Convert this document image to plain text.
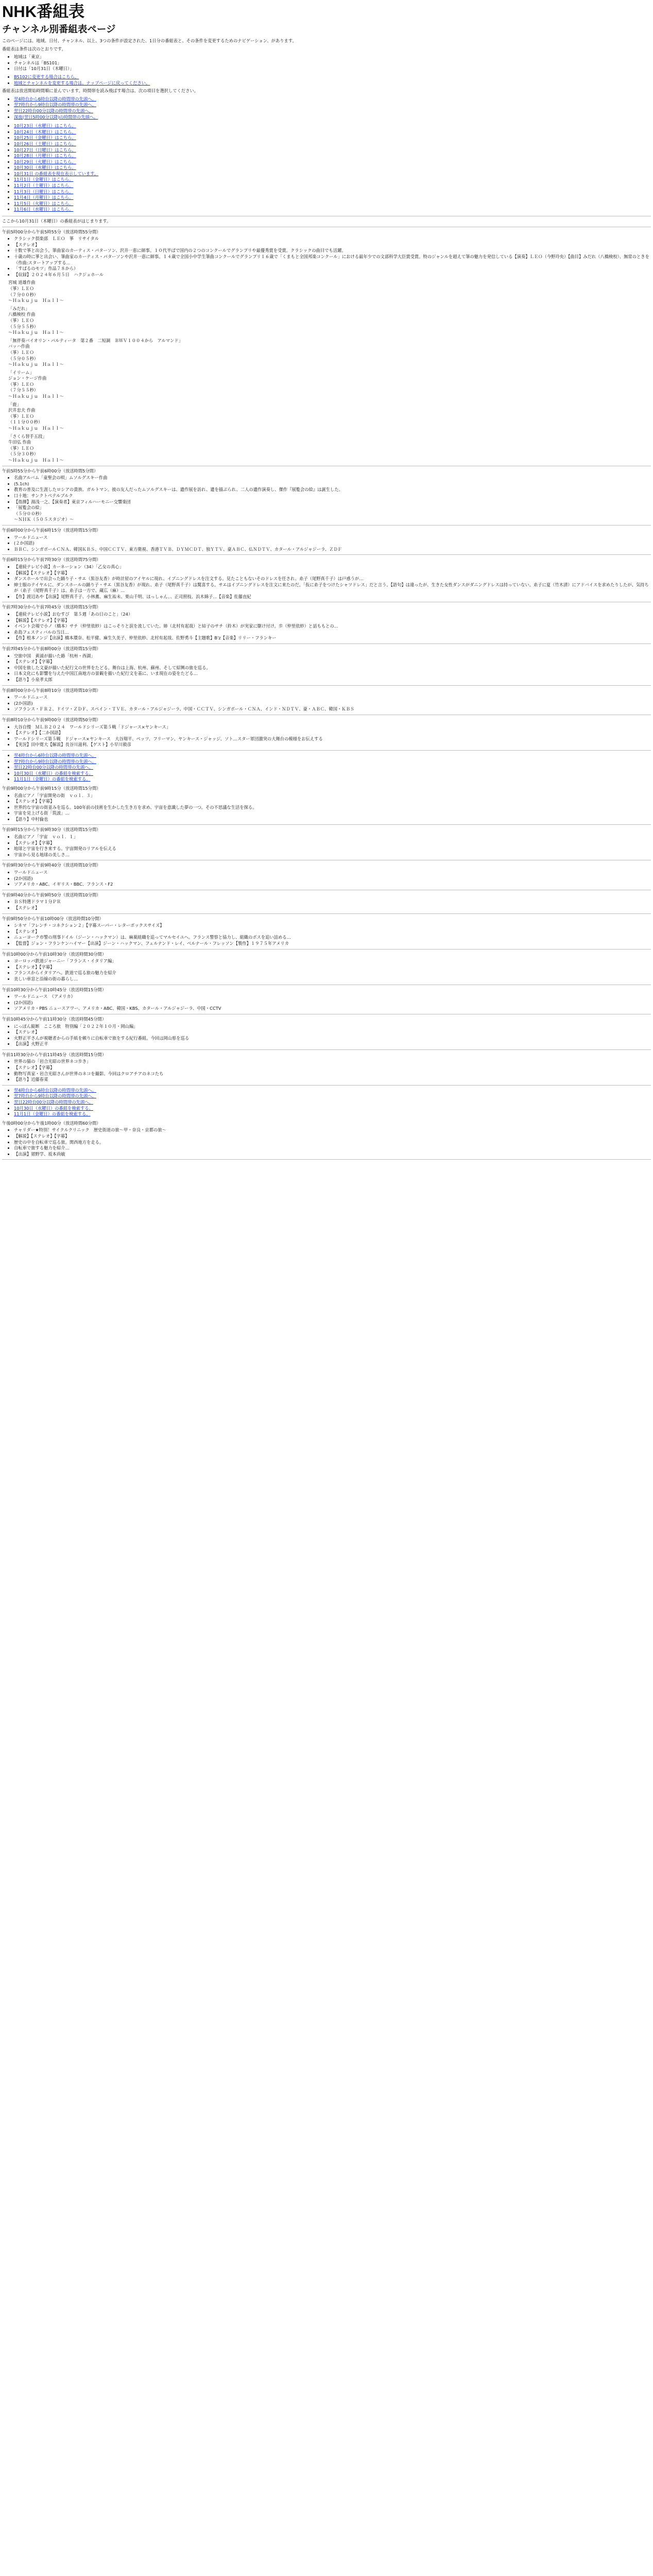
NHK番組表
チャンネル別番組表ページ

このページには、地域、日付、チャンネル、以上、3つの条件が設定された、1日分の番組表と、その条件を変更するためのナビゲーション、があります。

番組表は条件は次のとおりです。

• 地域は「東京」
• チャンネルは「BS101」
• 日付は「10月31日（木曜日）」
• BS102に変更する場合はこちら。
• 地域とチャンネルを変更する場合は、ナッブページに戻ってください。

番組表は放送開始時間順に並んでいます。時間帯を読み飛ばす場合は、次の項目を選択してください。

• 翌4時台から6時台以降の時間帯の先頭へ。
• 翌7時台から9時台以降の時間帯の先頭へ。
• 翌日22時台00分以降の時間帯の先頭へ。
• 深夜(翌日5時00分以降)の時間帯の先頭へ。
• 10月23日（水曜日）はこちら。
• 10月24日（木曜日）はこちら。
• 10月25日（金曜日）はこちら。
• 10月26日（土曜日）はこちら。
• 10月27日（日曜日）はこちら。
• 10月28日（月曜日）はこちら。
• 10月29日（火曜日）はこちら。
• 10月30日（水曜日）はこちら。
• 10月31日 の番組表を現在表示しています。
• 11月1日（金曜日）はこちら。
• 11月2日（土曜日）はこちら。
• 11月3日（日曜日）はこちら。
• 11月4日（月曜日）はこちら。
• 11月5日（火曜日）はこちら。
• 11月6日（水曜日）はこちら。

ここから10月31日（木曜日）の番組表がはじまります。

午前5時00分から午前5時55分（放送時間55分間）
• クラシック倶楽部　ＬＥＯ　箏　リサイタル
• 【ステレオ】
• 十数で箏と出会う。筆曲家のカーティス・パターソン、沢井一恵に師事。１０代半ばで国内の２つのコンクールでグランプリや最優秀賞を受賞。クラシックの曲目でも活躍。
• 十歳の時に箏と出会い、筆曲家のカーティス・パターソンや沢井一恵に師事。１４歳で全国小中学生筆曲コンクールでグランプリ１６歳で「くまもと全国邦楽コンクール」における最年少での文部科学大臣賞受賞。特のジャンルを超えて筆の魅力を発信している【演奏】ＬＥＯ（今野玲央）【曲目】みだれ（八橋検校）、無常のときを（作曲:スタートアップする...
• 「すばるのモツ」作品７８から）
• 【収録】２０２４年６月５日　ハクジュホール
宮城 道雄作曲
（箏）ＬＥＯ
（７分００秒）
〜Ｈａｋｕｊｕ　Ｈａｌｌ〜
「みだれ」
八橋検校 作曲
（箏）ＬＥＯ
（５分５５秒）
〜Ｈａｋｕｊｕ　Ｈａｌｌ〜
「無伴奏バイオリン・パルティータ　第２番　二短調　ＢＷＶ１００４から　アルマンド」
バッハ作曲
（箏）ＬＥＯ
（５分０５秒）
〜Ｈａｋｕｊｕ　Ｈａｌｌ〜
「イリーム」
ジョン・ケージ作曲
（箏）ＬＥＯ
（７分５５秒）
〜Ｈａｋｕｊｕ　Ｈａｌｌ〜
「鹿」
沢井忠夫 作曲
（箏）ＬＥＯ
（１１分００秒）
〜Ｈａｋｕｊｕ　Ｈａｌｌ〜
「さくら替手五段」
牛田弘 作曲
（箏）ＬＥＯ
（５分３０秒）
〜Ｈａｋｕｊｕ　Ｈａｌｌ〜
午前5時55分から午前6時00分（放送時間5分間）
• 名曲アルバム「童聖会の唄」ムソルグスキー作曲
• (5.1ch)
• 教育の普及に生涯したロシアの貴族、ガルトマン。彼の友人だったムソルグスキーは、遺作展を訪れ、遺を描ぶられ、二人の遺作演奏し、傑作『展覧会の絵』は誕生した。
• 口十地：サンクトペテルブルク
• 【指揮】湯浅一之、【演奏者】東京フィルハーモニー交響楽団
• 「展覧会の絵」
（５分００秒）
〜ＮＨＫ（５０５スタジオ）〜
午前6時00分から午前6時15分（放送時間15分間）
• ワールドニュース
• (２か国語)
• ＢＢＣ、シンガポールＣＮＡ、韓国ＫＢＳ、中国ＣＣＴＶ、東方衛視、香港ＴＶＢ、ＤＹＭＣＤＴ、独ＹＴＶ、豪ＡＢＣ、仏ＮＤＴＶ、カタール・アルジャジーラ、ＺＤＦ
午前6時15分から午前7時30分（放送時間75分間）
• 【連続テレビ小説】カーネーション（34）「乙女の真心」
• 【解説】【ステレオ】【字幕】
• ダンスホールで出会った踊り子・サエ（黒谷友香）が時計屋のアイヤルに現れ、イブニングドレスを注文する。見たこともないそのドレスを任され、糸子（尾野真千子）は戸惑うが…
• 紳士服のテイヤルに、ダンスホールの踊り子・サエ（黒谷友香）が現れ、糸子（尾野真千子）は驚喜する。サエはイブニングドレスを注文に来たのだ。「仮に糸子をつけたシャツドレス」だと言う。【語句】は違ったが、生きた女性ダンスがダニングドレスは持っていない。糸子に夏（竹木清）にアドバイスを求めたりしたが、気持ちが（糸子（尾野真千子）は、糸子は一方で、蔵広（麻）...
• 【作】渡辺あや【出演】尾野真千子、小林薫、麻生祐未、栗山千明、ほっしゃん。、正司照枝、浜木綿子...【音楽】佐藤直紀
午前7時30分から午前7時45分（放送時間15分間）
• 【連続テレビ小説】おむすび　第５週「あの日のこと」（24）
• 【解説】【ステレオ】【字幕】
• イベント会場で小ノ（橋本）サチ（仲里依紗）はこっそりと涙を流していた。姉（北村有起哉）と結子のサチ（鈴木）が実家に駆け付け。歩（仲里依紗）と話ももとの...
• 糸島フェスティバルの当日…
• 【作】根本ノンジ【出演】橋本環奈、松平健、麻生久美子、仲里依紗、北村有起哉、佐野勇斗【主題歌】B'z【音楽】リリー・フランキー
午前7時45分から午前8時00分（放送時間15分間）
• 空旅中国　黄浦が描いた路「杭州・西湖」
• 【ステレオ】【字幕】
• 中国を旅した文豪が描いた紀行文の世界をたどる。舞台は上海、杭州、蘇州、そして紹興の旅を巡る。
• 日本文化にも影響を与えた中国江南地方の景観を描いた紀行文を基に、いま現在の姿をたどる…
• 【語り】小泉孝太郎
午前8時00分から午前8時10分（放送時間10分間）
• ワールドニュース
• (2か国語)
• ソフランス・ＦＲ２、ドイツ・ＺＤＦ、スペイン・ＴＶＥ、カタール・アルジャジーラ、中国・ＣＣＴＶ、シンガポール・ＣＮＡ、インド・ＮＤＴＶ、豪・ＡＢＣ、韓国・ＫＢＳ
午前8時10分から午前9時00分（放送時間50分間）
• 大谷自慢　ＭＬＢ２０２４　ワールドシリーズ第５戦「ドジャース×ヤンキース」
• 【ステレオ】【二か国語】
• ワールドシリーズ第５戦　ドジャース×ヤンキース　大谷翔平、ベッツ、フリーマン、ヤンキース・ジャッジ、ソト…スター軍団激突の大舞台の模様をお伝えする
• 【実況】田中寛大【解説】長谷川滋利、【ゲスト】小早川毅彦
• 翌4時台から6時台以降の時間帯の先頭へ。
• 翌7時台から9時台以降の時間帯の先頭へ。
• 翌日22時台00分以降の時間帯の先頭へ。
• 10月30日（水曜日）の番組を検索する。
• 11月1日（金曜日）の番組を検索する。
午前9時00分から午前9時15分（放送時間15分間）
• 名曲ピアノ「宇宙開発の街　ｖｏｌ．３」
• 【ステレオ】【字幕】
• 世界的な宇宙の街並みを巡る。100年前の技術を生かした生き方を求め、宇宙を意識した夢の一つ。その不思議な生活を探る。
• 宇宙を見上げる街「筑波」…
• 【語り】中村倫也
午前9時15分から午前9時30分（放送時間15分間）
• 名曲ピアノ「宇宙　ｖｏｌ．１」
• 【ステレオ】【字幕】
• 地球と宇宙を行き来する。宇宙開発のリアルを伝える
• 宇宙から見る地球の美しさ…
午前9時30分から午前9時40分（放送時間10分間）
• ワールドニュース
• (2か国語)
• ソアメリカ・ABC、イギリス・BBC、フランス・F2
午前9時40分から午前9時50分（放送時間10分間）
• ＢＳ特選ドラマ１分ＰＲ
• 【ステレオ】
午前9時50分から午前10時00分（放送時間10分間）
• シネマ「フレンチ・コネクション２」【字幕スーパー・レターボックスサイズ】
• 【ステレオ】
• ニューヨーク市警の刑事ドイル（ジーン・ハックマン）は、麻薬組織を追ってマルセイユへ。フランス警察と協力し、組織のボスを追い詰める…
• 【監督】ジョン・フランケンハイマー【出演】ジーン・ハックマン、フェルナンド・レイ、ベルナール・フレッソン【製作】１９７５年アメリカ
午前10時00分から午前10時30分（放送時間30分間）
• ヨーロッパ鉄道ジャーニー「フランス・イタリア編」
• 【ステレオ】【字幕】
• フランスからイタリアへ。鉄道で巡る旅の魅力を紹介
• 美しい車窓と沿線の街の暮らし…
午前10時30分から午前10時45分（放送時間15分間）
• ワールドニュース　《アメリカ》
• (2か国語)
• ソアメリカ・PBS ニュースアワー、アメリカ・ABC、韓国・KBS、カタール・アルジャジーラ、中国・CCTV
午前10時45分から午前11時30分（放送時間45分間）
• にっぽん縦断　こころ旅　特別編「２０２２年１０月・岡山編」
• 【ステレオ】
• 火野正平さんが視聴者からの手紙を頼りに自転車で旅をする紀行番組。今回は岡山県を巡る
• 【出演】火野正平
午前11時30分から午前11時45分（放送時間15分間）
• 世界の猫の「岩合光昭の世界ネコ歩き」
• 【ステレオ】【字幕】
• 動物写真家・岩合光昭さんが世界のネコを撮影。今回はクロアチアのネコたち
• 【語り】近藤春菜
• 翌4時台から6時台以降の時間帯の先頭へ。
• 翌7時台から9時台以降の時間帯の先頭へ。
• 翌日22時台00分以降の時間帯の先頭へ。
• 10月30日（水曜日）の番組を検索する。
• 11月1日（金曜日）の番組を検索する。
午後0時00分から午後1時00分（放送時間60分間）
• チャリダー★特別！サイクルクリニック　歴史街道の旅〜甲・奈良・京都の旅〜
• 【解説】【ステレオ】【字幕】
• 歴史の中を自転車で巡る旅。関西地方を走る。
• 自転車で旅する魅力を紹介…
• 【出演】猪野学、坂本尚敏
